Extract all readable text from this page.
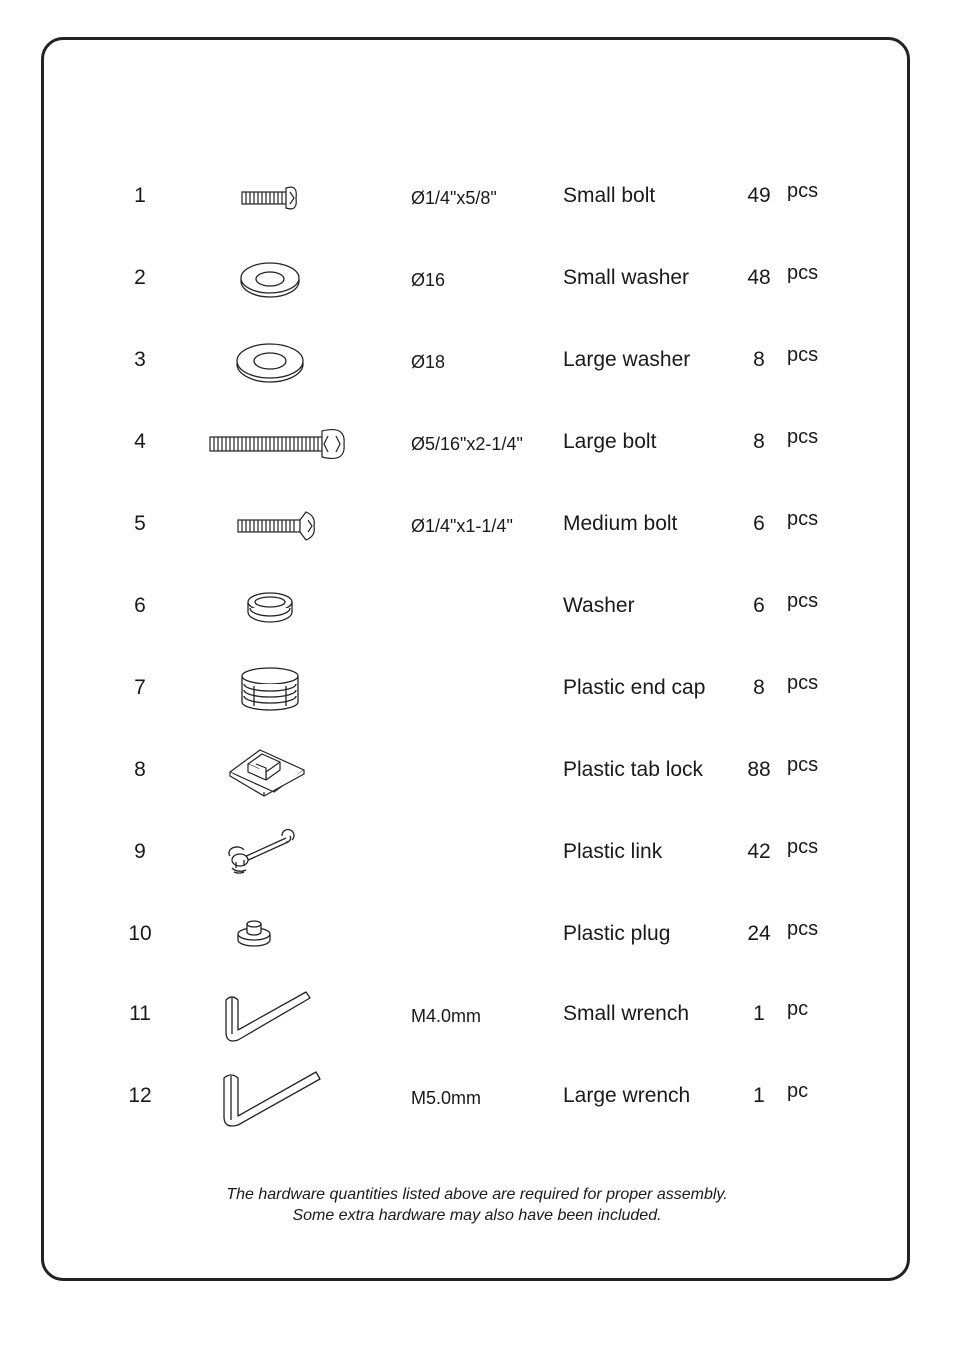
1	Ø1/4"x5/8"	Small bolt	49 pcs
2	Ø16	Small washer	48 pcs
3	Ø18	Large washer	8	pcs
4	Ø5/16"x2-1/4" Large bolt	8	pcs
5	Ø1/4"x1-1/4" Medium bolt	6	pcs
6	Washer	6	pcs
7	Plastic end cap	8	pcs
8	Plastic tab lock	88 pcs
9	Plastic link	42 pcs
10	Plastic plug	24 pcs
11	M4.0mm	Small wrench	1	pc
12	M5.0mm	Large wrench	1	pc
The hardware quantities listed above are required for proper assembly.
Some extra hardware may also have been included.
